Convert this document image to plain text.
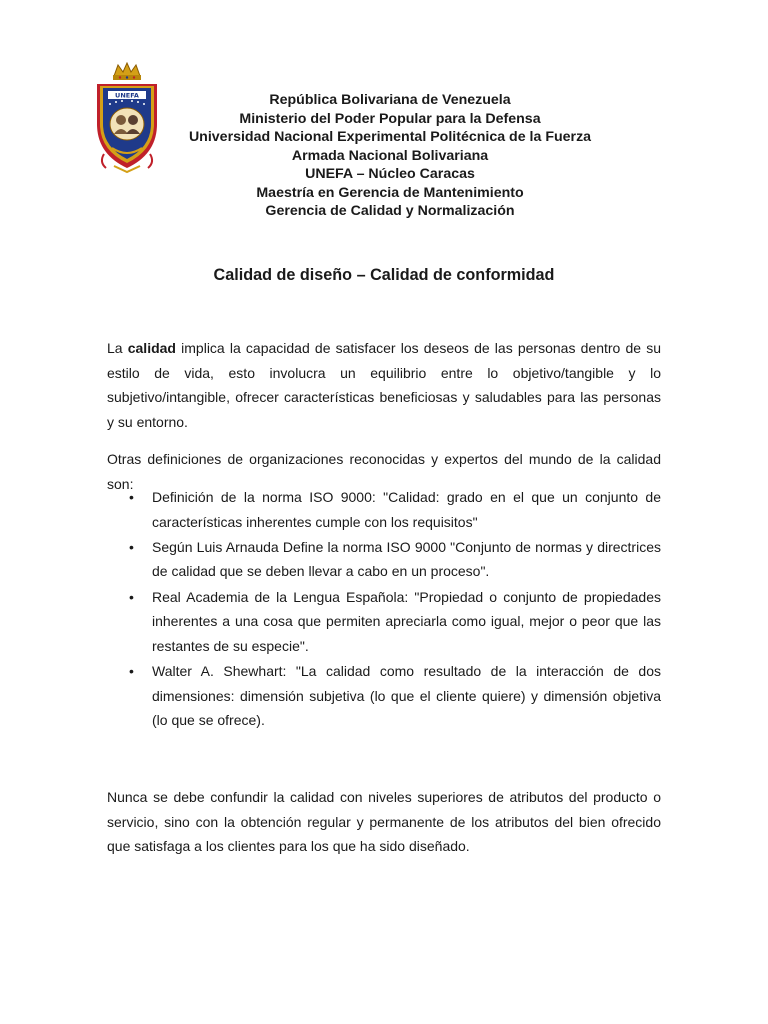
UNEFA	República Bolivariana de Venezuela
Ministerio del Poder Popular para la Defensa
Universidad Nacional Experimental Politécnica de la Fuerza
Armada Nacional Bolivariana
UNEFA – Núcleo Caracas
Maestría en Gerencia de Mantenimiento
Gerencia de Calidad y Normalización
Calidad de diseño – Calidad de conformidad

La calidad implica la capacidad de satisfacer los deseos de las personas dentro de su estilo de vida, esto involucra un equilibrio entre lo objetivo/tangible y lo subjetivo/intangible, ofrecer características beneficiosas y saludables para las personas y su entorno.

Otras definiciones de organizaciones reconocidas y expertos del mundo de la calidad son:

• Definición de la norma ISO 9000: "Calidad: grado en el que un conjunto de características inherentes cumple con los requisitos"
• Según Luis Arnauda Define la norma ISO 9000 "Conjunto de normas y directrices de calidad que se deben llevar a cabo en un proceso".
• Real Academia de la Lengua Española: "Propiedad o conjunto de propiedades inherentes a una cosa que permiten apreciarla como igual, mejor o peor que las restantes de su especie".
• Walter A. Shewhart: "La calidad como resultado de la interacción de dos dimensiones: dimensión subjetiva (lo que el cliente quiere) y dimensión objetiva (lo que se ofrece).

Nunca se debe confundir la calidad con niveles superiores de atributos del producto o servicio, sino con la obtención regular y permanente de los atributos del bien ofrecido que satisfaga a los clientes para los que ha sido diseñado.
